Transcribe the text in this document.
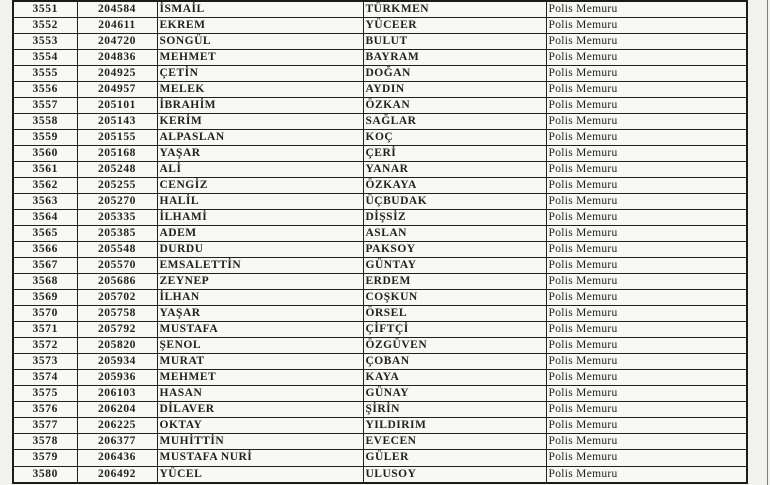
3551	204584	İSMAİL	TÜRKMEN	Polis Memuru
3552	204611	EKREM	YÜCEER	Polis Memuru
3553	204720	SONGÜL	BULUT	Polis Memuru
3554	204836	MEHMET	BAYRAM	Polis Memuru
3555	204925	ÇETİN	DOĞAN	Polis Memuru
3556	204957	MELEK	AYDIN	Polis Memuru
3557	205101	İBRAHİM	ÖZKAN	Polis Memuru
3558	205143	KERİM	SAĞLAR	Polis Memuru
3559	205155	ALPASLAN	KOÇ	Polis Memuru
3560	205168	YAŞAR	ÇERİ	Polis Memuru
3561	205248	ALİ	YANAR	Polis Memuru
3562	205255	CENGİZ	ÖZKAYA	Polis Memuru
3563	205270	HALİL	ÜÇBUDAK	Polis Memuru
3564	205335	İLHAMİ	DİŞSİZ	Polis Memuru
3565	205385	ADEM	ASLAN	Polis Memuru
3566	205548	DURDU	PAKSOY	Polis Memuru
3567	205570	EMSALETTİN	GÜNTAY	Polis Memuru
3568	205686	ZEYNEP	ERDEM	Polis Memuru
3569	205702	İLHAN	COŞKUN	Polis Memuru
3570	205758	YAŞAR	ÖRSEL	Polis Memuru
3571	205792	MUSTAFA	ÇİFTÇİ	Polis Memuru
3572	205820	ŞENOL	ÖZGÜVEN	Polis Memuru
3573	205934	MURAT	ÇOBAN	Polis Memuru
3574	205936	MEHMET	KAYA	Polis Memuru
3575	206103	HASAN	GÜNAY	Polis Memuru
3576	206204	DİLAVER	ŞİRİN	Polis Memuru
3577	206225	OKTAY	YILDIRIM	Polis Memuru
3578	206377	MUHİTTİN	EVECEN	Polis Memuru
3579	206436	MUSTAFA NURİ	GÜLER	Polis Memuru
3580	206492	YÜCEL	ULUSOY	Polis Memuru
